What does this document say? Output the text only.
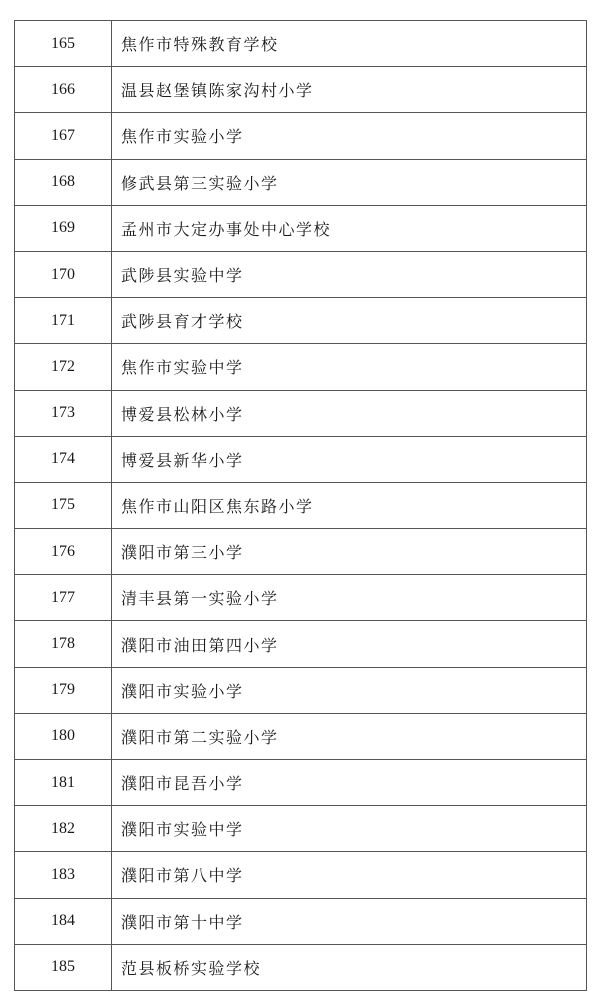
165	焦作市特殊教育学校
166	温县赵堡镇陈家沟村小学
167	焦作市实验小学
168	修武县第三实验小学
169	孟州市大定办事处中心学校
170	武陟县实验中学
171	武陟县育才学校
172	焦作市实验中学
173	博爱县松林小学
174	博爱县新华小学
175	焦作市山阳区焦东路小学
176	濮阳市第三小学
177	清丰县第一实验小学
178	濮阳市油田第四小学
179	濮阳市实验小学
180	濮阳市第二实验小学
181	濮阳市昆吾小学
182	濮阳市实验中学
183	濮阳市第八中学
184	濮阳市第十中学
185	范县板桥实验学校
